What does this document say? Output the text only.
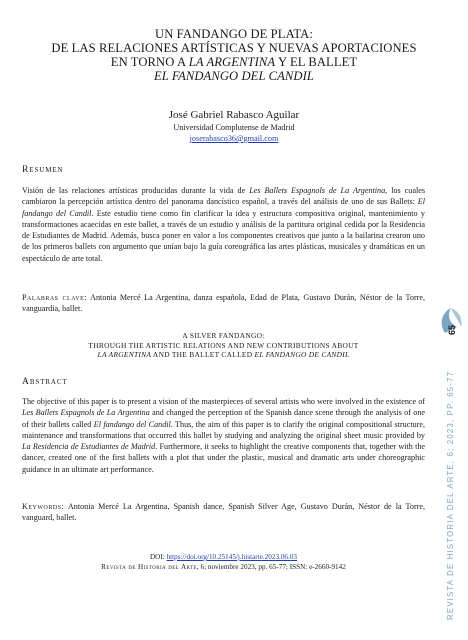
UN FANDANGO DE PLATA:
DE LAS RELACIONES ARTÍSTICAS Y NUEVAS APORTACIONES
EN TORNO A LA ARGENTINA Y EL BALLET
EL FANDANGO DEL CANDIL
José Gabriel Rabasco Aguilar
Universidad Complutense de Madrid
joserabasco36@gmail.com
Resumen
Visión de las relaciones artísticas producidas durante la vida de Les Ballets Espagnols de La Argentina, los cuales cambiaron la percepción artística dentro del panorama dancístico español, a través del análisis de uno de sus Ballets: El fandango del Candil. Este estudio tiene como fin clarificar la idea y estructura compositiva original, mantenimiento y transformaciones acaecidas en este ballet, a través de un estudio y análisis de la partitura original cedida por la Residencia de Estudiantes de Madrid. Además, busca poner en valor a los componentes creativos que junto a la bailarina crearon uno de los primeros ballets con argumento que unían bajo la guía coreográfica las artes plásticas, musicales y dramáticas en un espectáculo de arte total.
Palabras clave: Antonia Mercé La Argentina, danza española, Edad de Plata, Gustavo Durán, Néstor de la Torre, vanguardia, ballet.
A SILVER FANDANGO:
THROUGH THE ARTISTIC RELATIONS AND NEW CONTRIBUTIONS ABOUT
LA ARGENTINA AND THE BALLET CALLED EL FANDANGO DE CANDIL
Abstract
The objective of this paper is to present a vision of the masterpieces of several artists who were involved in the existence of Les Ballets Espagnols de La Argentina and changed the perception of the Spanish dance scene through the analysis of one of their ballets called El fandango del Candil. Thus, the aim of this paper is to clarify the original compositional structure, maintenance and transformations that occurred this ballet by studying and analyzing the original sheet music provided by La Residencia de Estudiantes de Madrid. Furthermore, it seeks to highlight the creative components that, together with the dancer, created one of the first ballets with a plot that under the plastic, musical and dramatic arts under choreographic guidance in an ultimate art performance.
Keywords: Antonia Mercé La Argentina, Spanish dance, Spanish Silver Age, Gustavo Durán, Néstor de la Torre, vanguard, ballet.
DOI: https://doi.org/10.25145/j.histarte.2023.06.03
Revista de Historia del Arte, 6; noviembre 2023, pp. 65-77; ISSN: e-2660-9142
65
REVISTA DE HISTORIA DEL ARTE, 6; 2023, PP. 65-77
